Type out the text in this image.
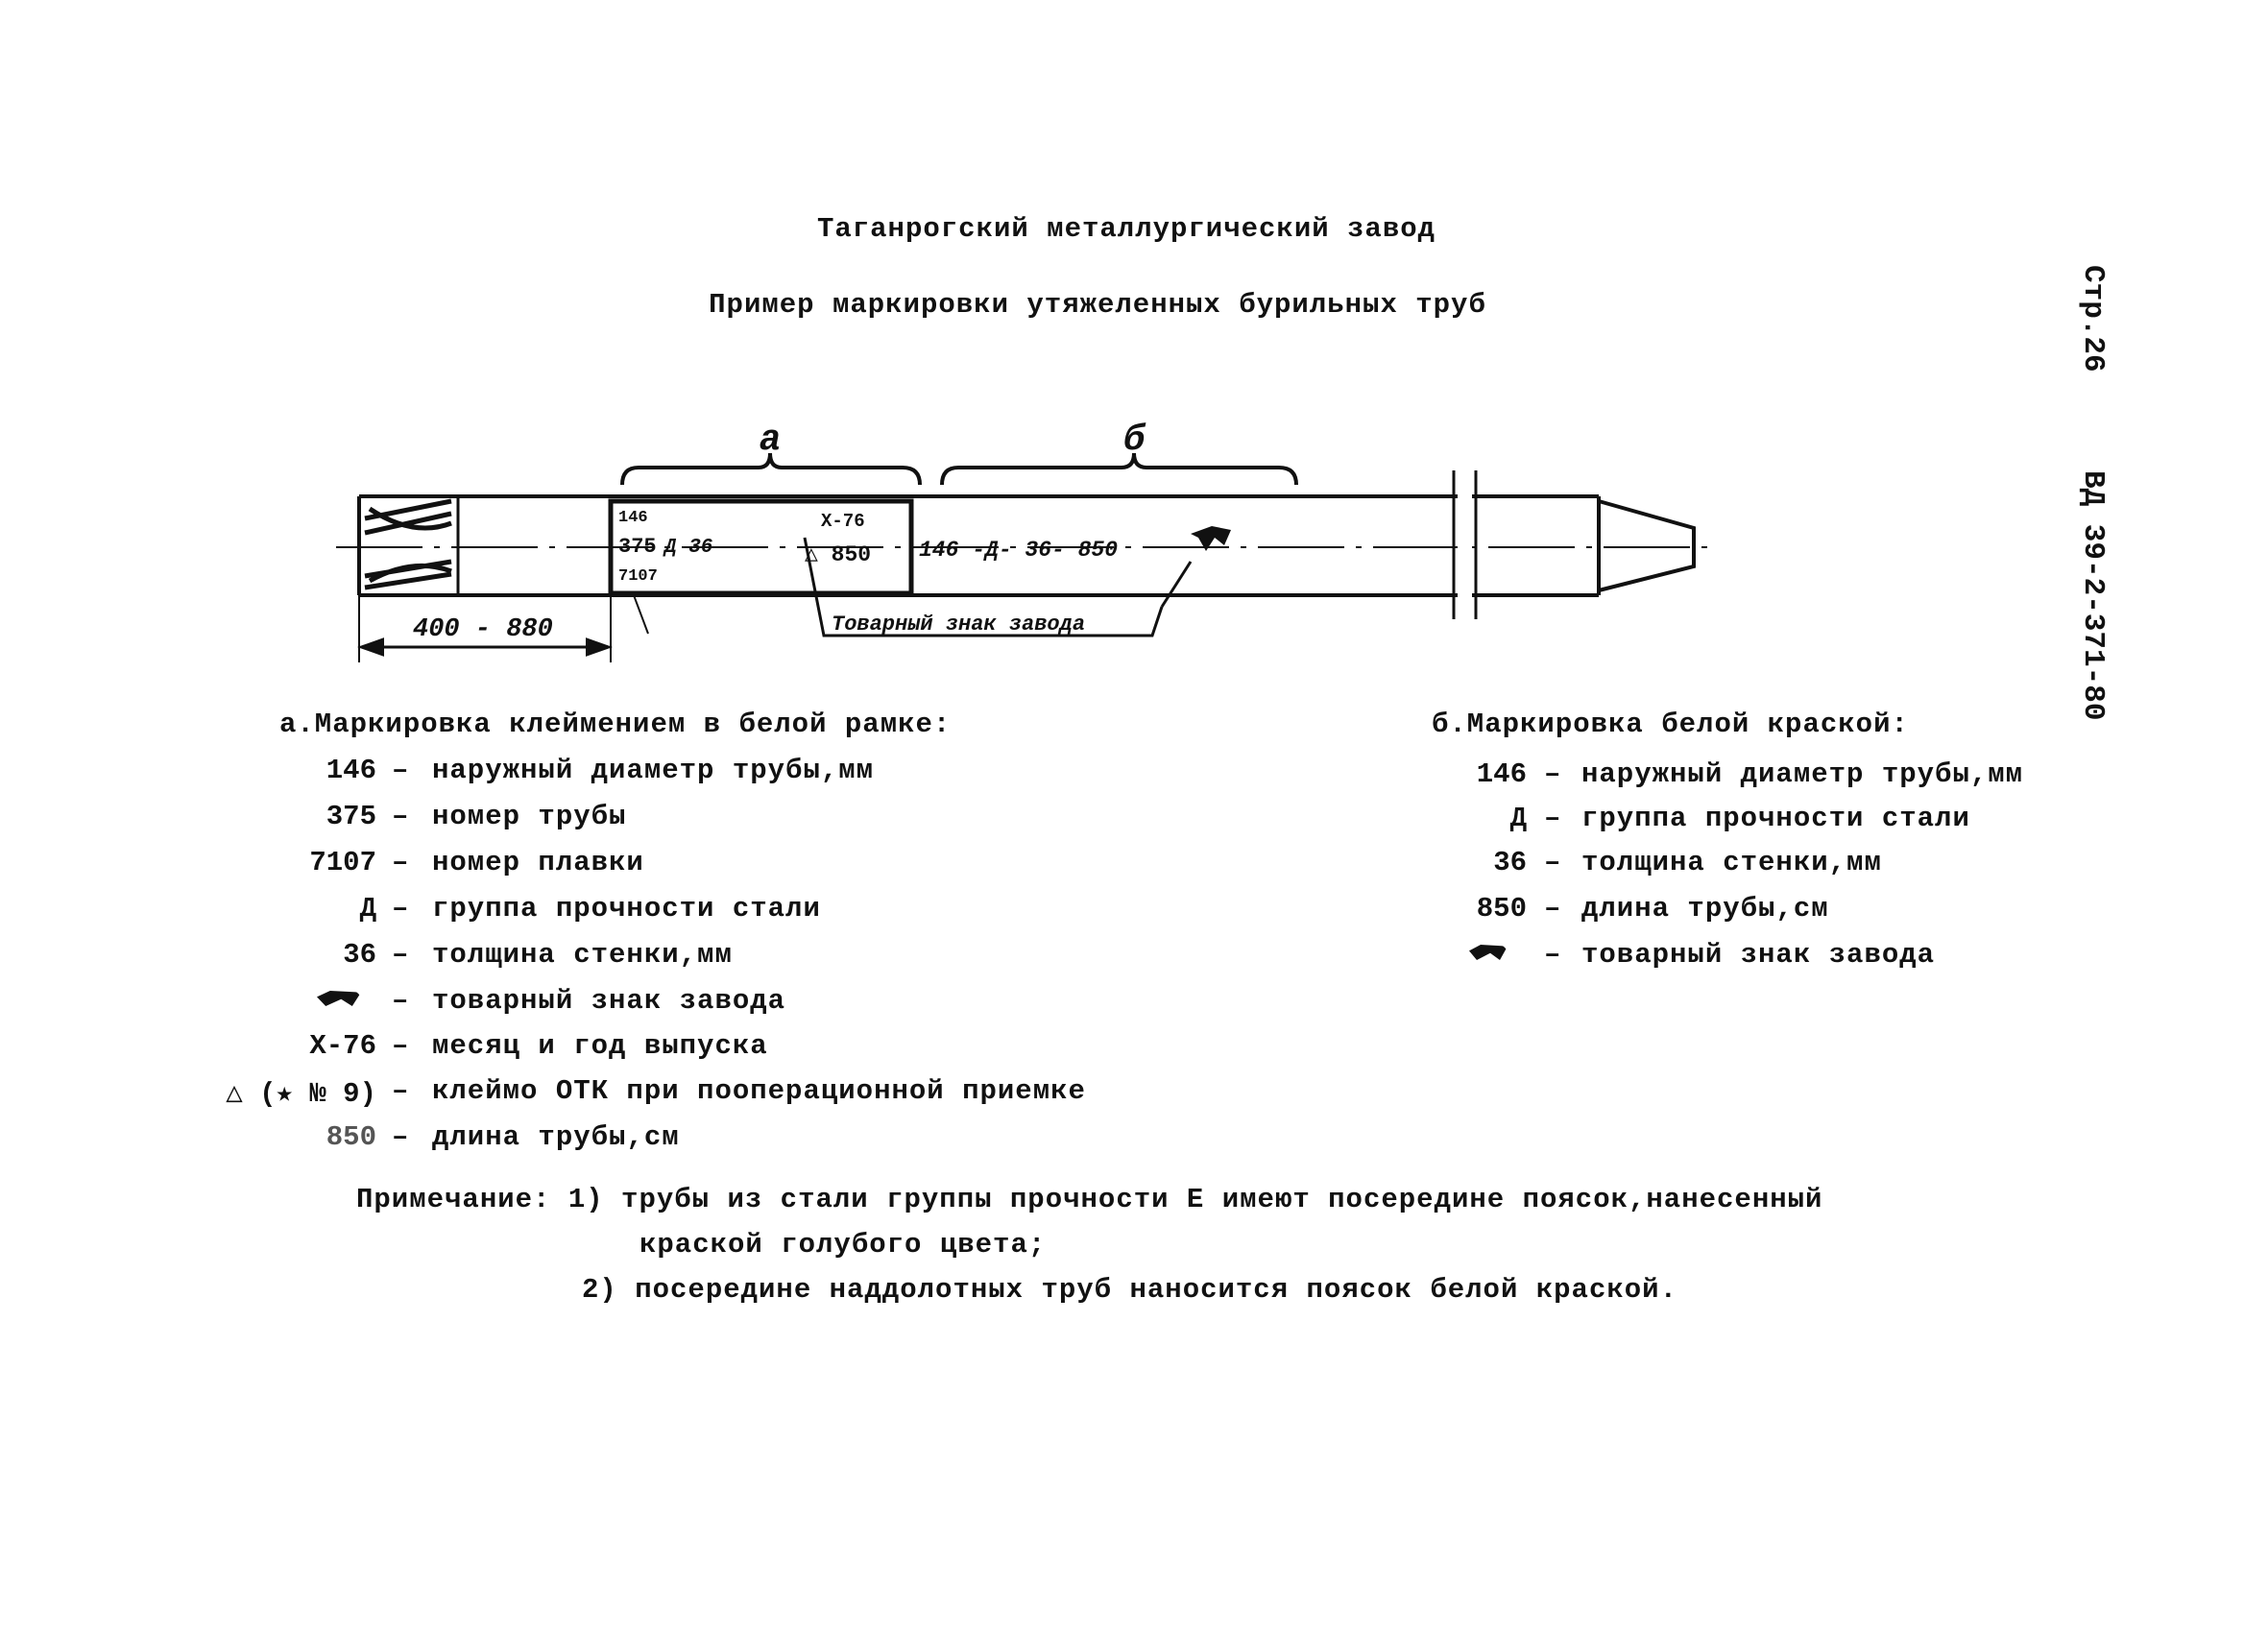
Таганрогский металлургический завод
Пример маркировки утяжеленных бурильных труб	Стр.26
ВД 39-2-371-80
а	б
146
375
7107
Д 36
X-76
△ 850 146 -Д- 36- 850
400 - 880	Товарный знак завода
а.Маркировка клеймением в белой рамке:
146 – наружный диаметр трубы,мм
375 – номер трубы
7107 – номер плавки
Д – группа прочности стали
36 – толщина стенки,мм
– товарный знак завода
X-76 – месяц и год выпуска
△ (★ № 9) – клеймо ОТК при пооперационной приемке
850 – длина трубы,см
б.Маркировка белой краской:
146 – наружный диаметр трубы,мм
Д – группа прочности стали
36 – толщина стенки,мм
850 – длина трубы,см
– товарный знак завода
Примечание: 1) трубы из стали группы прочности Е имеют посередине поясок,нанесенный
краской голубого цвета;
2) посередине наддолотных труб наносится поясок белой краской.
